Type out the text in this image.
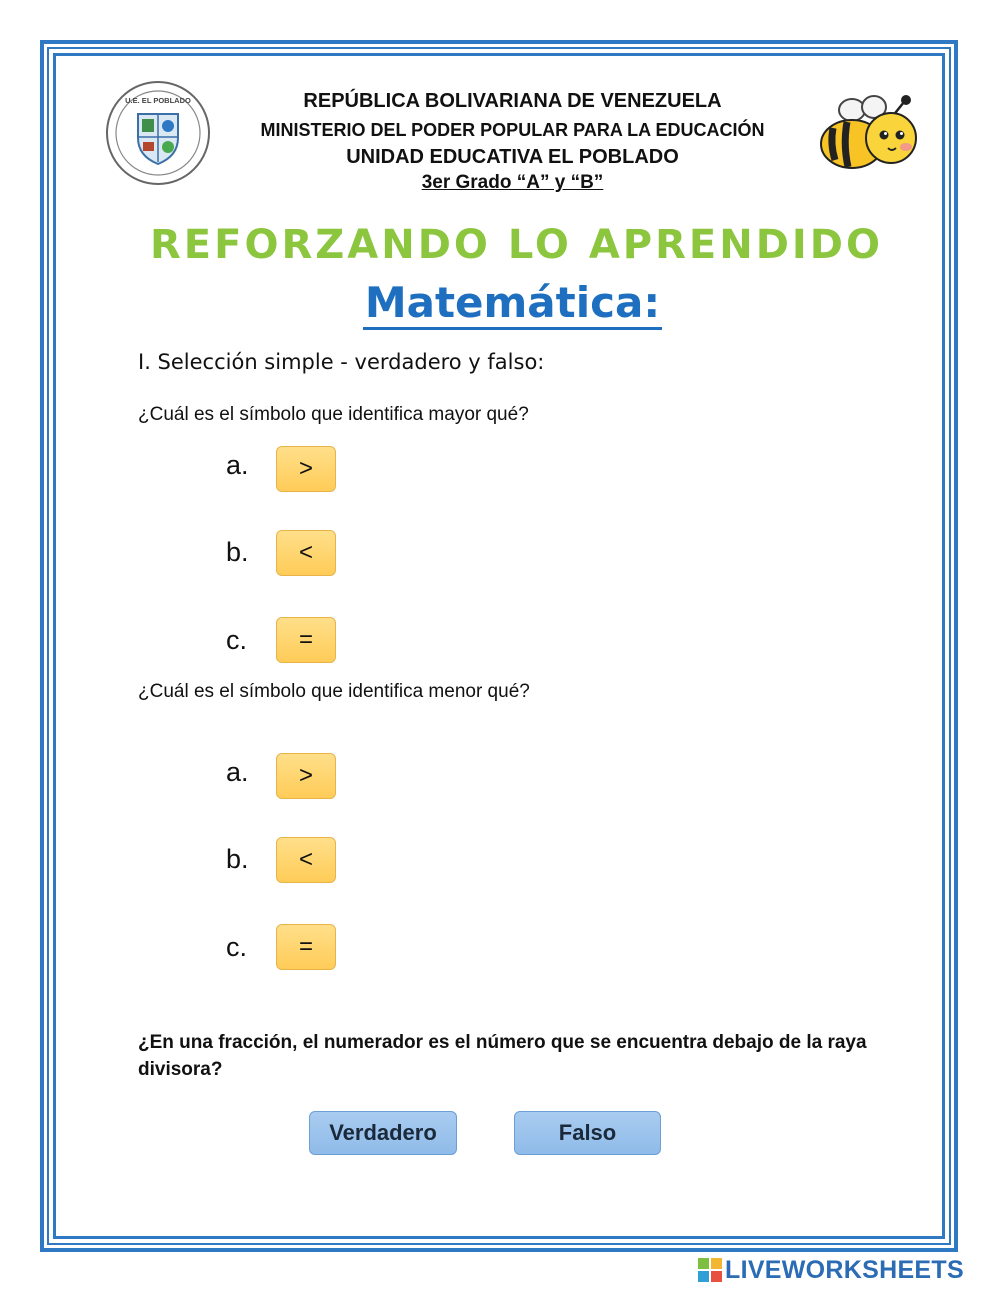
U.E. EL POBLADO	REPÚBLICA BOLIVARIANA DE VENEZUELA

MINISTERIO DEL PODER POPULAR PARA LA EDUCACIÓN

UNIDAD EDUCATIVA EL POBLADO

3er Grado “A” y “B”

REFORZANDO LO APRENDIDO

Matemática:

I. Selección simple - verdadero y falso:

¿Cuál es el símbolo que identifica mayor qué?

a.	>

b.	<

c.	=

¿Cuál es el símbolo que identifica menor qué?

a.	>

b.	<

c.	=

¿En una fracción, el numerador es el número que se encuentra debajo de la raya divisora?

Verdadero	Falso
LIVEWORKSHEETS
